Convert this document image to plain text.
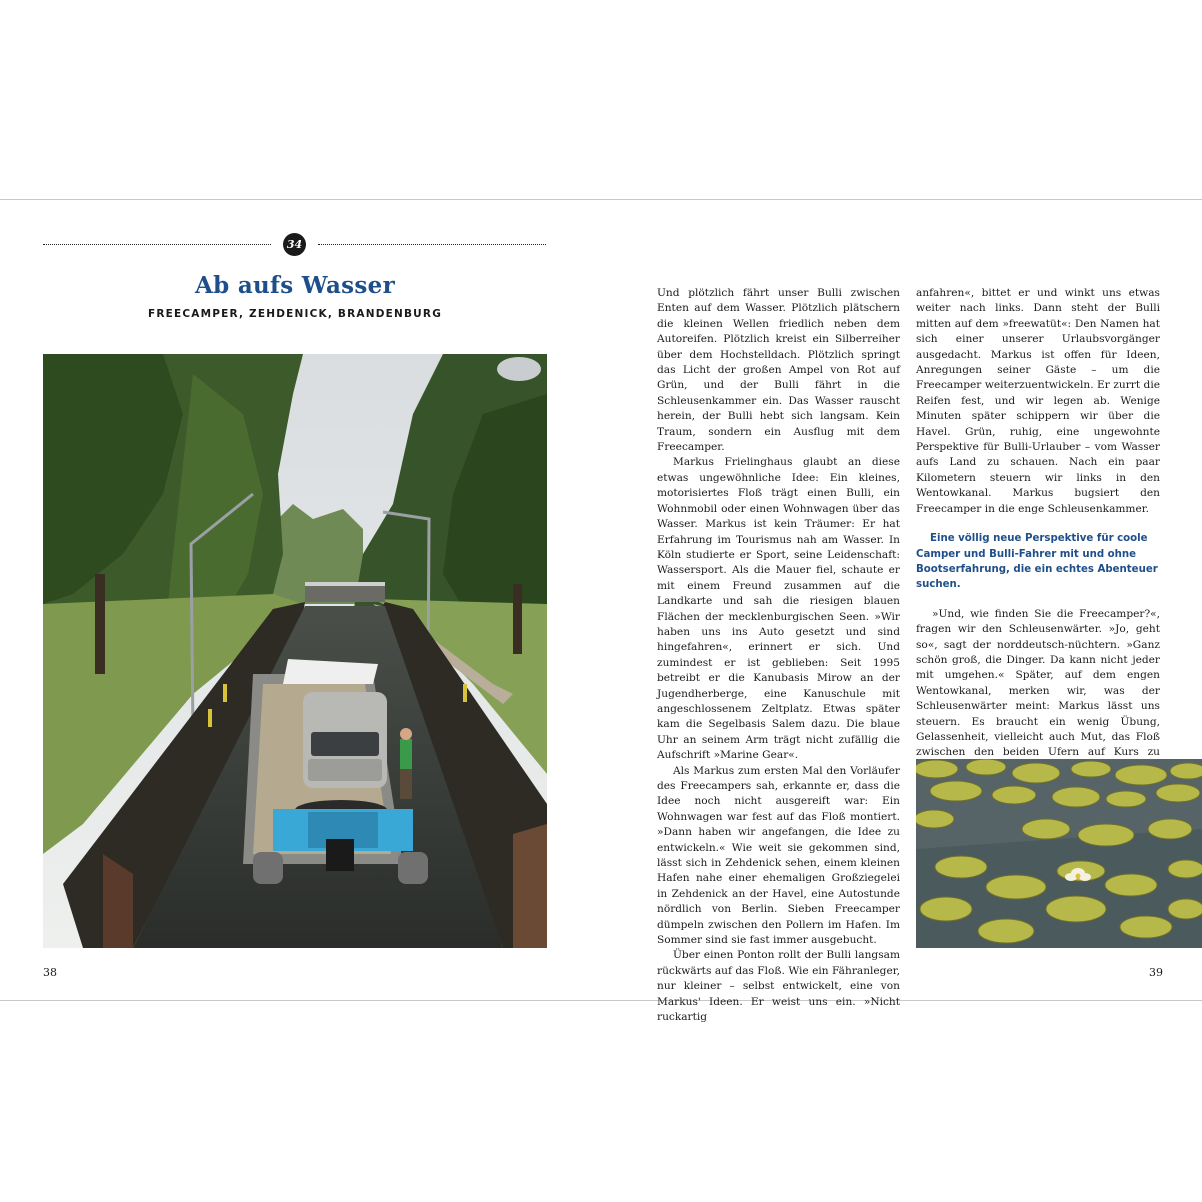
34
Ab aufs Wasser
FREECAMPER, ZEHDENICK, BRANDENBURG

Und plötzlich fährt unser Bulli zwischen Enten auf dem Wasser. Plötzlich plätschern die kleinen Wellen friedlich neben dem Autoreifen. Plötzlich kreist ein Silberreiher über dem Hochstelldach. Plötzlich springt das Licht der großen Ampel von Rot auf Grün, und der Bulli fährt in die Schleusenkammer ein. Das Wasser rauscht herein, der Bulli hebt sich langsam. Kein Traum, sondern ein Ausflug mit dem Freecamper.

Markus Frielinghaus glaubt an diese etwas ungewöhnliche Idee: Ein kleines, motorisiertes Floß trägt einen Bulli, ein Wohnmobil oder einen Wohnwagen über das Wasser. Markus ist kein Träumer: Er hat Erfahrung im Tourismus nah am Wasser. In Köln studierte er Sport, seine Leidenschaft: Wassersport. Als die Mauer fiel, schaute er mit einem Freund zusammen auf die Landkarte und sah die riesigen blauen Flächen der mecklenburgischen Seen. »Wir haben uns ins Auto gesetzt und sind hingefahren«, erinnert er sich. Und zumindest er ist geblieben: Seit 1995 betreibt er die Kanubasis Mirow an der Jugendherberge, eine Kanuschule mit angeschlossenem Zeltplatz. Etwas später kam die Segelbasis Salem dazu. Die blaue Uhr an seinem Arm trägt nicht zufällig die Aufschrift »Marine Gear«.

Als Markus zum ersten Mal den Vorläufer des Freecampers sah, erkannte er, dass die Idee noch nicht ausgereift war: Ein Wohnwagen war fest auf das Floß montiert. »Dann haben wir angefangen, die Idee zu entwickeln.« Wie weit sie gekommen sind, lässt sich in Zehdenick sehen, einem kleinen Hafen nahe einer ehemaligen Großziegelei in Zehdenick an der Havel, eine Autostunde nördlich von Berlin. Sieben Freecamper dümpeln zwischen den Pollern im Hafen. Im Sommer sind sie fast immer ausgebucht.

Über einen Ponton rollt der Bulli langsam rückwärts auf das Floß. Wie ein Fähranleger, nur kleiner – selbst entwickelt, eine von Markus' Ideen. Er weist uns ein. »Nicht ruckartig

anfahren«, bittet er und winkt uns etwas weiter nach links. Dann steht der Bulli mitten auf dem »freewatüt«: Den Namen hat sich einer unserer Urlaubsvorgänger ausgedacht. Markus ist offen für Ideen, Anregungen seiner Gäste – um die Freecamper weiterzuentwickeln. Er zurrt die Reifen fest, und wir legen ab. Wenige Minuten später schippern wir über die Havel. Grün, ruhig, eine ungewohnte Perspektive für Bulli-Urlauber – vom Wasser aufs Land zu schauen. Nach ein paar Kilometern steuern wir links in den Wentowkanal. Markus bugsiert den Freecamper in die enge Schleusenkammer.

Eine völlig neue Perspektive für coole Camper und Bulli-Fahrer mit und ohne Bootserfahrung, die ein echtes Abenteuer suchen.

»Und, wie finden Sie die Freecamper?«, fragen wir den Schleusenwärter. »Jo, geht so«, sagt der norddeutsch-nüchtern. »Ganz schön groß, die Dinger. Da kann nicht jeder mit umgehen.« Später, auf dem engen Wentowkanal, merken wir, was der Schleusenwärter meint: Markus lässt uns steuern. Es braucht ein wenig Übung, Gelassenheit, vielleicht auch Mut, das Floß zwischen den beiden Ufern auf Kurs zu

38	39
